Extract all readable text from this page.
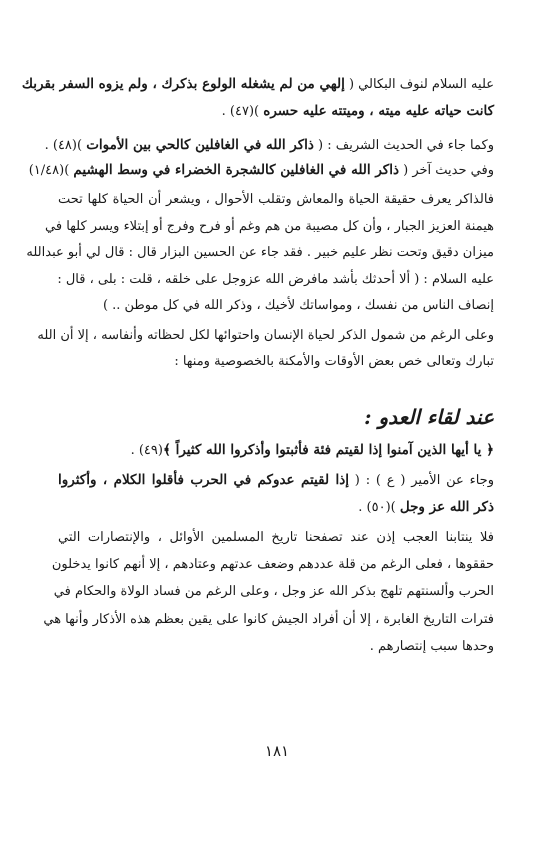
عليه السلام لنوف البكالي ( إلهي من لم يشغله الولوع بذكرك ، ولم يزوه السفر بقربك
كانت حياته عليه ميته ، وميتته عليه حسره )(٤٧) .
وكما جاء في الحديث الشريف : ( ذاكر الله في الغافلين كالحي بين الأموات )(٤٨) .
وفي حديث آخر ( ذاكر الله في الغافلين كالشجرة الخضراء في وسط الهشيم )(١/٤٨)
فالذاكر يعرف حقيقة الحياة والمعاش وتقلب الأحوال ، ويشعر أن الحياة كلها تحت
هيمنة العزيز الجبار ، وأن كل مصيبة من هم وغم أو فرح وفرج أو إبتلاء ويسر كلها في
ميزان دقيق وتحت نظر عليم خبير . فقد جاء عن الحسين البزار قال : قال لي أبو عبدالله
عليه السلام : ( ألا أحدثك بأشد مافرض الله عزوجل على خلقه ، قلت : بلى ، قال :
إنصاف الناس من نفسك ، ومواساتك لأخيك ، وذكر الله في كل موطن .. )
وعلى الرغم من شمول الذكر لحياة الإنسان واحتوائها لكل لحظاته وأنفاسه ، إلا أن الله
تبارك وتعالى خص بعض الأوقات والأمكنة بالخصوصية ومنها :
عند لقاء العدو :
﴿ يا أيها الذين آمنوا إذا لقيتم فئة فأثبتوا وأذكروا الله كثيراً ﴾(٤٩) .
وجاء عن الأمير ( ع ) : ( إذا لقيتم عدوكم في الحرب فأقلوا الكلام ، وأكثروا
ذكر الله عز وجل )(٥٠) .
فلا ينتابنا العجب إذن عند تصفحنا تاريخ المسلمين الأوائل ، والإنتصارات التي
حققوها ، فعلى الرغم من قلة عددهم وضعف عدتهم وعتادهم ، إلا أنهم كانوا يدخلون
الحرب وألسنتهم تلهج بذكر الله عز وجل ، وعلى الرغم من فساد الولاة والحكام في
فترات التاريخ الغابرة ، إلا أن أفراد الجيش كانوا على يقين بعظم هذه الأذكار وأنها هي
وحدها سبب إنتصارهم .
١٨١
